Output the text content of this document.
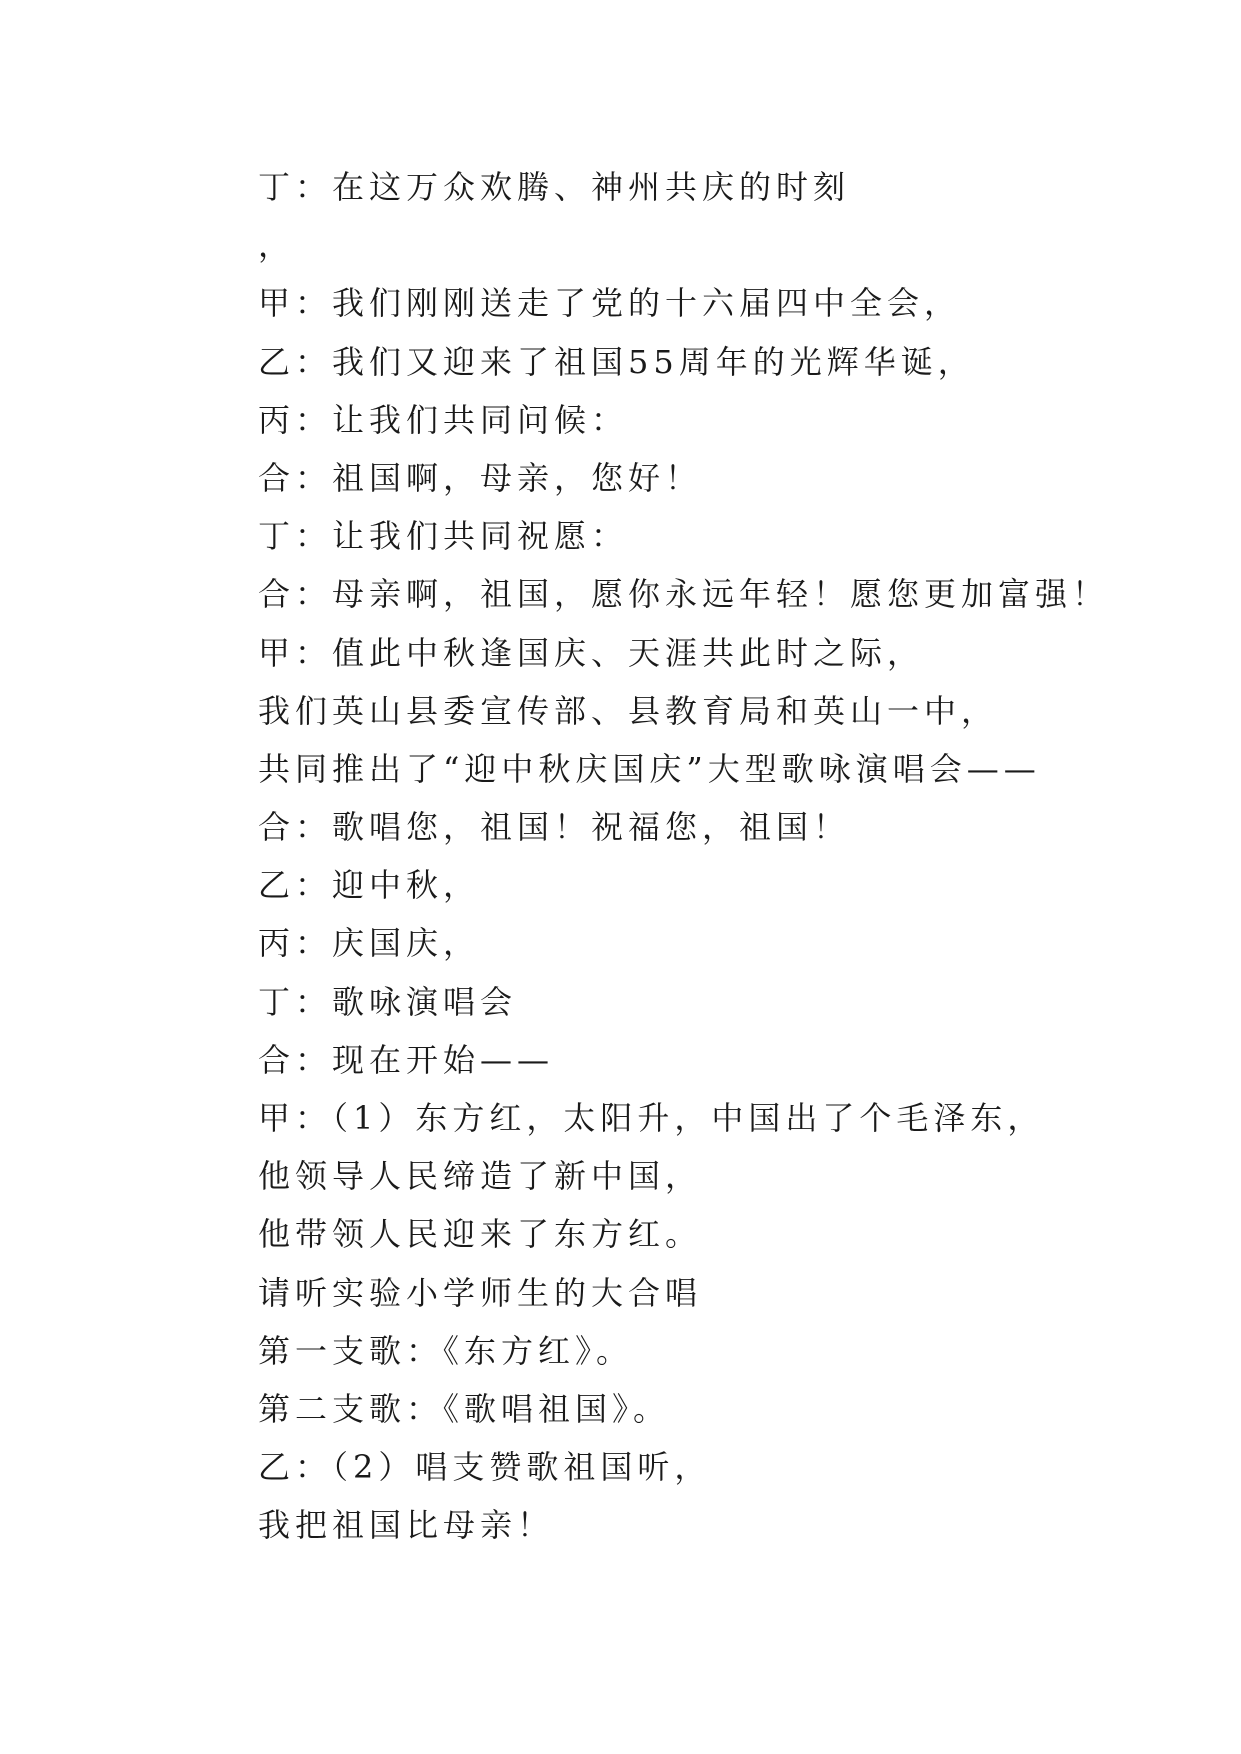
丁：在这万众欢腾、神州共庆的时刻
，
甲：我们刚刚送走了党的十六届四中全会，
乙：我们又迎来了祖国55周年的光辉华诞，
丙：让我们共同问候：
合：祖国啊，母亲，您好！
丁：让我们共同祝愿：
合：母亲啊，祖国，愿你永远年轻！愿您更加富强！
甲：值此中秋逢国庆、天涯共此时之际，
我们英山县委宣传部、县教育局和英山一中，
共同推出了“迎中秋庆国庆”大型歌咏演唱会——
合：歌唱您，祖国！祝福您，祖国！
乙：迎中秋，
丙：庆国庆，
丁：歌咏演唱会
合：现在开始——
甲：（1）东方红，太阳升，中国出了个毛泽东，
他领导人民缔造了新中国，
他带领人民迎来了东方红。
请听实验小学师生的大合唱
第一支歌：《东方红》。
第二支歌：《歌唱祖国》。
乙：（2）唱支赞歌祖国听，
我把祖国比母亲！
